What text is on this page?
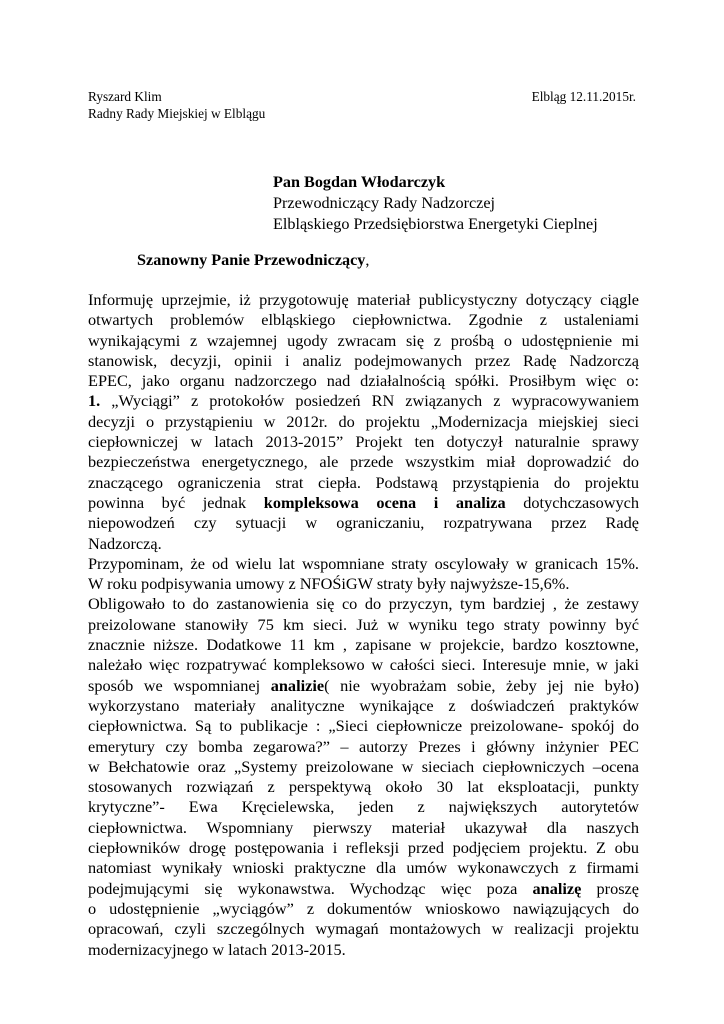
Ryszard Klim
Radny Rady Miejskiej w Elblągu
Elbląg 12.11.2015r.
Pan Bogdan Włodarczyk
Przewodniczący Rady Nadzorczej
Elbląskiego Przedsiębiorstwa Energetyki Cieplnej
Szanowny Panie Przewodniczący,
Informuję uprzejmie, iż przygotowuję materiał publicystyczny dotyczący ciągle
otwartych problemów elbląskiego ciepłownictwa. Zgodnie z ustaleniami
wynikającymi z wzajemnej ugody zwracam się z prośbą o udostępnienie mi
stanowisk, decyzji, opinii i analiz podejmowanych przez Radę Nadzorczą
EPEC, jako organu nadzorczego nad działalnością spółki. Prosiłbym więc o:
1. „Wyciągi” z protokołów posiedzeń RN związanych z wypracowywaniem
decyzji o przystąpieniu w 2012r. do projektu „Modernizacja miejskiej sieci
ciepłowniczej w latach 2013-2015” Projekt ten dotyczył naturalnie sprawy
bezpieczeństwa energetycznego, ale przede wszystkim miał doprowadzić do
znaczącego ograniczenia strat ciepła. Podstawą przystąpienia do projektu
powinna być jednak kompleksowa ocena i analiza dotychczasowych
niepowodzeń czy sytuacji w ograniczaniu, rozpatrywana przez Radę
Nadzorczą.
Przypominam, że od wielu lat wspomniane straty oscylowały w granicach 15%.
W roku podpisywania umowy z NFOŚiGW straty były najwyższe-15,6%.
Obligowało to do zastanowienia się co do przyczyn, tym bardziej , że zestawy
preizolowane stanowiły 75 km sieci. Już w wyniku tego straty powinny być
znacznie niższe. Dodatkowe 11 km , zapisane w projekcie, bardzo kosztowne,
należało więc rozpatrywać kompleksowo w całości sieci. Interesuje mnie, w jaki
sposób we wspomnianej analizie( nie wyobrażam sobie, żeby jej nie było)
wykorzystano materiały analityczne wynikające z doświadczeń praktyków
ciepłownictwa. Są to publikacje : „Sieci ciepłownicze preizolowane- spokój do
emerytury czy bomba zegarowa?” – autorzy Prezes i główny inżynier PEC
w Bełchatowie oraz „Systemy preizolowane w sieciach ciepłowniczych –ocena
stosowanych rozwiązań z perspektywą około 30 lat eksploatacji, punkty
krytyczne”- Ewa Kręcielewska, jeden z największych autorytetów
ciepłownictwa. Wspomniany pierwszy materiał ukazywał dla naszych
ciepłowników drogę postępowania i refleksji przed podjęciem projektu. Z obu
natomiast wynikały wnioski praktyczne dla umów wykonawczych z firmami
podejmującymi się wykonawstwa. Wychodząc więc poza analizę proszę
o udostępnienie „wyciągów” z dokumentów wnioskowo nawiązujących do
opracowań, czyli szczególnych wymagań montażowych w realizacji projektu
modernizacyjnego w latach 2013-2015.
